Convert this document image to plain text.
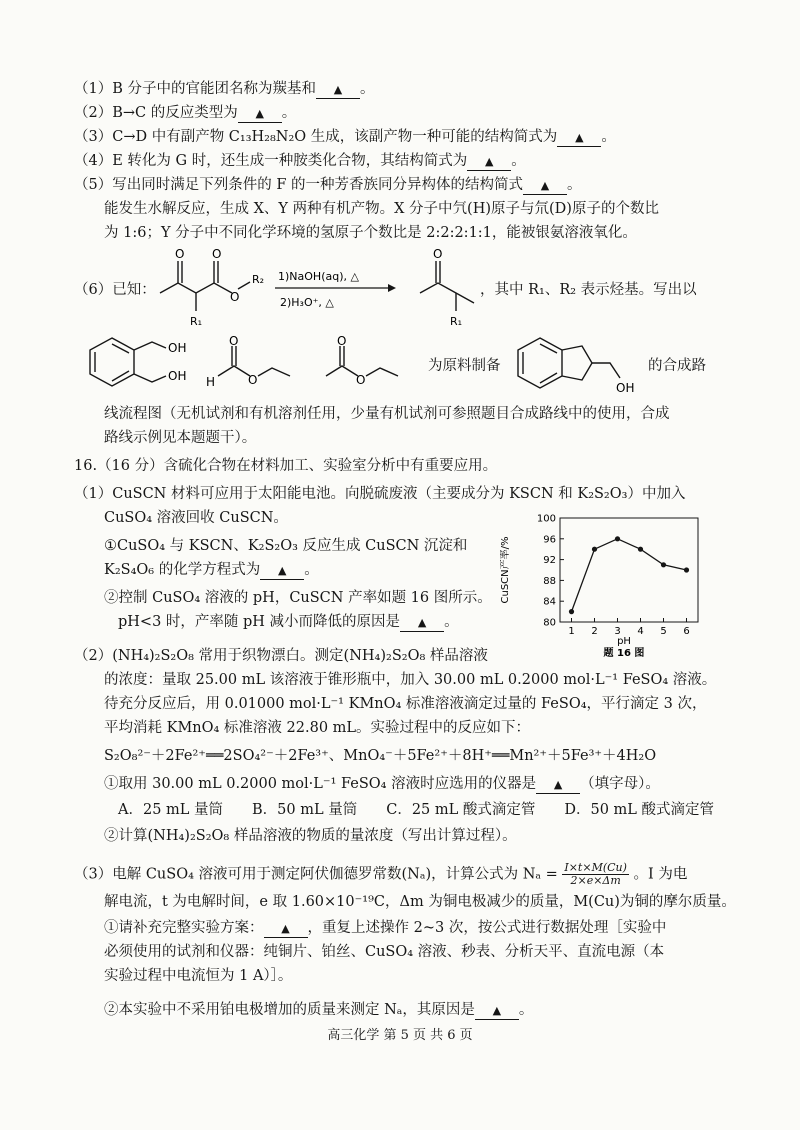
（1）B 分子中的官能团名称为羰基和 ▲ 。
（2）B→C 的反应类型为 ▲ 。
（3）C→D 中有副产物 C₁₃H₂₈N₂O 生成，该副产物一种可能的结构简式为 ▲ 。
（4）E 转化为 G 时，还生成一种胺类化合物，其结构简式为 ▲ 。
（5）写出同时满足下列条件的 F 的一种芳香族同分异构体的结构简式 ▲ 。
能发生水解反应，生成 X、Y 两种有机产物。X 分子中氕(H)原子与氘(D)原子的个数比
为 1:6；Y 分子中不同化学环境的氢原子个数比是 2:2:2:1:1，能被银氨溶液氧化。
（6）已知：
O O
O
R₂
R₁
1)NaOH(aq), △
2)H₃O⁺, △
O
R₁
，其中 R₁、R₂ 表示烃基。写出以
OH
OH H
O
O
O
O
为原料制备
OH
的合成路
线流程图（无机试剂和有机溶剂任用，少量有机试剂可参照题目合成路线中的使用，合成
路线示例见本题题干）。
16.（16 分）含硫化合物在材料加工、实验室分析中有重要应用。
（1）CuSCN 材料可应用于太阳能电池。向脱硫废液（主要成分为 KSCN 和 K₂S₂O₃）中加入
CuSO₄ 溶液回收 CuSCN。
①CuSO₄ 与 KSCN、K₂S₂O₃ 反应生成 CuSCN 沉淀和
K₂S₄O₆ 的化学方程式为 ▲ 。
②控制 CuSO₄ 溶液的 pH，CuSCN 产率如题 16 图所示。
pH<3 时，产率随 pH 减小而降低的原因是 ▲ 。	80
84
88
92
96
100
1 2 3 4 5 6
CuSCN产率/%
pH
题 16 图
（2）(NH₄)₂S₂O₈ 常用于织物漂白。测定(NH₄)₂S₂O₈ 样品溶液
的浓度：量取 25.00 mL 该溶液于锥形瓶中，加入 30.00 mL 0.2000 mol·L⁻¹ FeSO₄ 溶液。
待充分反应后，用 0.01000 mol·L⁻¹ KMnO₄ 标准溶液滴定过量的 FeSO₄，平行滴定 3 次，
平均消耗 KMnO₄ 标准溶液 22.80 mL。实验过程中的反应如下：
S₂O₈²⁻＋2Fe²⁺══2SO₄²⁻＋2Fe³⁺、MnO₄⁻＋5Fe²⁺＋8H⁺══Mn²⁺＋5Fe³⁺＋4H₂O
①取用 30.00 mL 0.2000 mol·L⁻¹ FeSO₄ 溶液时应选用的仪器是 ▲ （填字母）。
A．25 mL 量筒　　B．50 mL 量筒　　C．25 mL 酸式滴定管　　D．50 mL 酸式滴定管
②计算(NH₄)₂S₂O₈ 样品溶液的物质的量浓度（写出计算过程）。
（3）电解 CuSO₄ 溶液可用于测定阿伏伽德罗常数(Nₐ)，计算公式为 $N_a = \frac{I\times t\times M(Cu)}{2\times e\times\Delta m}$ 。I 为电
解电流，t 为电解时间，e 取 1.60×10⁻¹⁹C，Δm 为铜电极减少的质量，M(Cu)为铜的摩尔质量。
①请补充完整实验方案： ▲ ，重复上述操作 2~3 次，按公式进行数据处理［实验中
必须使用的试剂和仪器：纯铜片、铂丝、CuSO₄ 溶液、秒表、分析天平、直流电源（本
实验过程中电流恒为 1 A）］。
②本实验中不采用铂电极增加的质量来测定 Nₐ，其原因是 ▲ 。
高三化学 第 5 页 共 6 页
